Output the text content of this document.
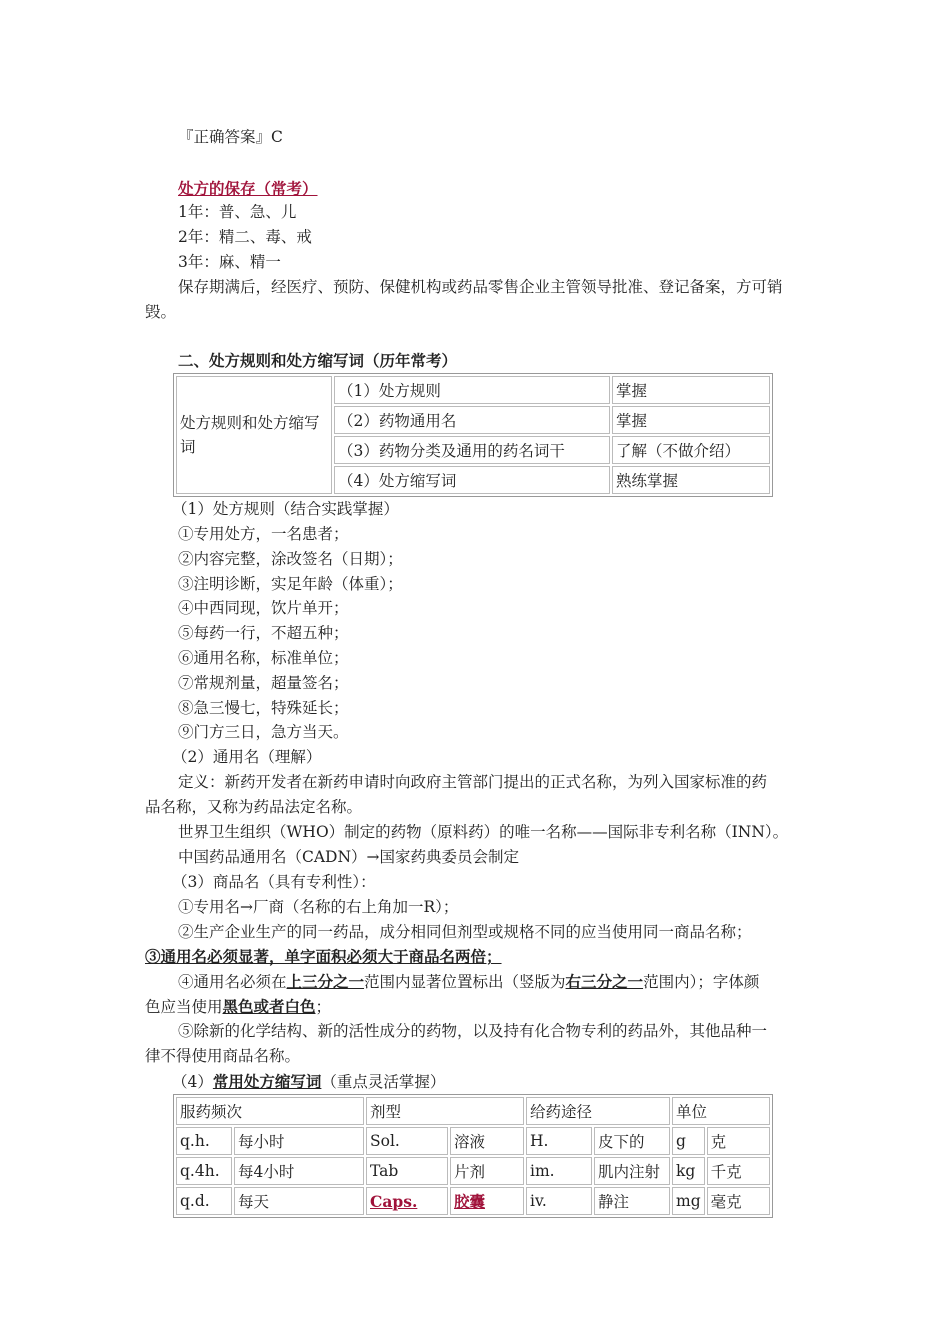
『正确答案』C
处方的保存（常考）
1年：普、急、儿
2年：精二、毒、戒
3年：麻、精一
保存期满后，经医疗、预防、保健机构或药品零售企业主管领导批准、登记备案，方可销
毁。
二、处方规则和处方缩写词（历年常考）
处方规则和处方缩写
词	（1）处方规则	掌握
	（2）药物通用名	掌握
	（3）药物分类及通用的药名词干	了解（不做介绍）
	（4）处方缩写词	熟练掌握
（1）处方规则（结合实践掌握）
①专用处方，一名患者；
②内容完整，涂改签名（日期）；
③注明诊断，实足年龄（体重）；
④中西同现，饮片单开；
⑤每药一行，不超五种；
⑥通用名称，标准单位；
⑦常规剂量，超量签名；
⑧急三慢七，特殊延长；
⑨门方三日，急方当天。
（2）通用名（理解）
定义：新药开发者在新药申请时向政府主管部门提出的正式名称，为列入国家标准的药
品名称，又称为药品法定名称。
世界卫生组织（WHO）制定的药物（原料药）的唯一名称——国际非专利名称（INN）。
中国药品通用名（CADN）→国家药典委员会制定
（3）商品名（具有专利性）：
①专用名→厂商（名称的右上角加一R）；
②生产企业生产的同一药品，成分相同但剂型或规格不同的应当使用同一商品名称；
③通用名必须显著，单字面积必须大于商品名两倍；
④通用名必须在上三分之一范围内显著位置标出（竖版为右三分之一范围内）；字体颜
色应当使用黑色或者白色；
⑤除新的化学结构、新的活性成分的药物，以及持有化合物专利的药品外，其他品种一
律不得使用商品名称。
（4）常用处方缩写词（重点灵活掌握）
服药频次		剂型		给药途径		单位	
q.h.	每小时	Sol.	溶液	H.	皮下的	g	克
q.4h.	每4小时	Tab	片剂	im.	肌内注射	kg	千克
q.d.	每天	Caps.	胶囊	iv.	静注	mg	毫克
